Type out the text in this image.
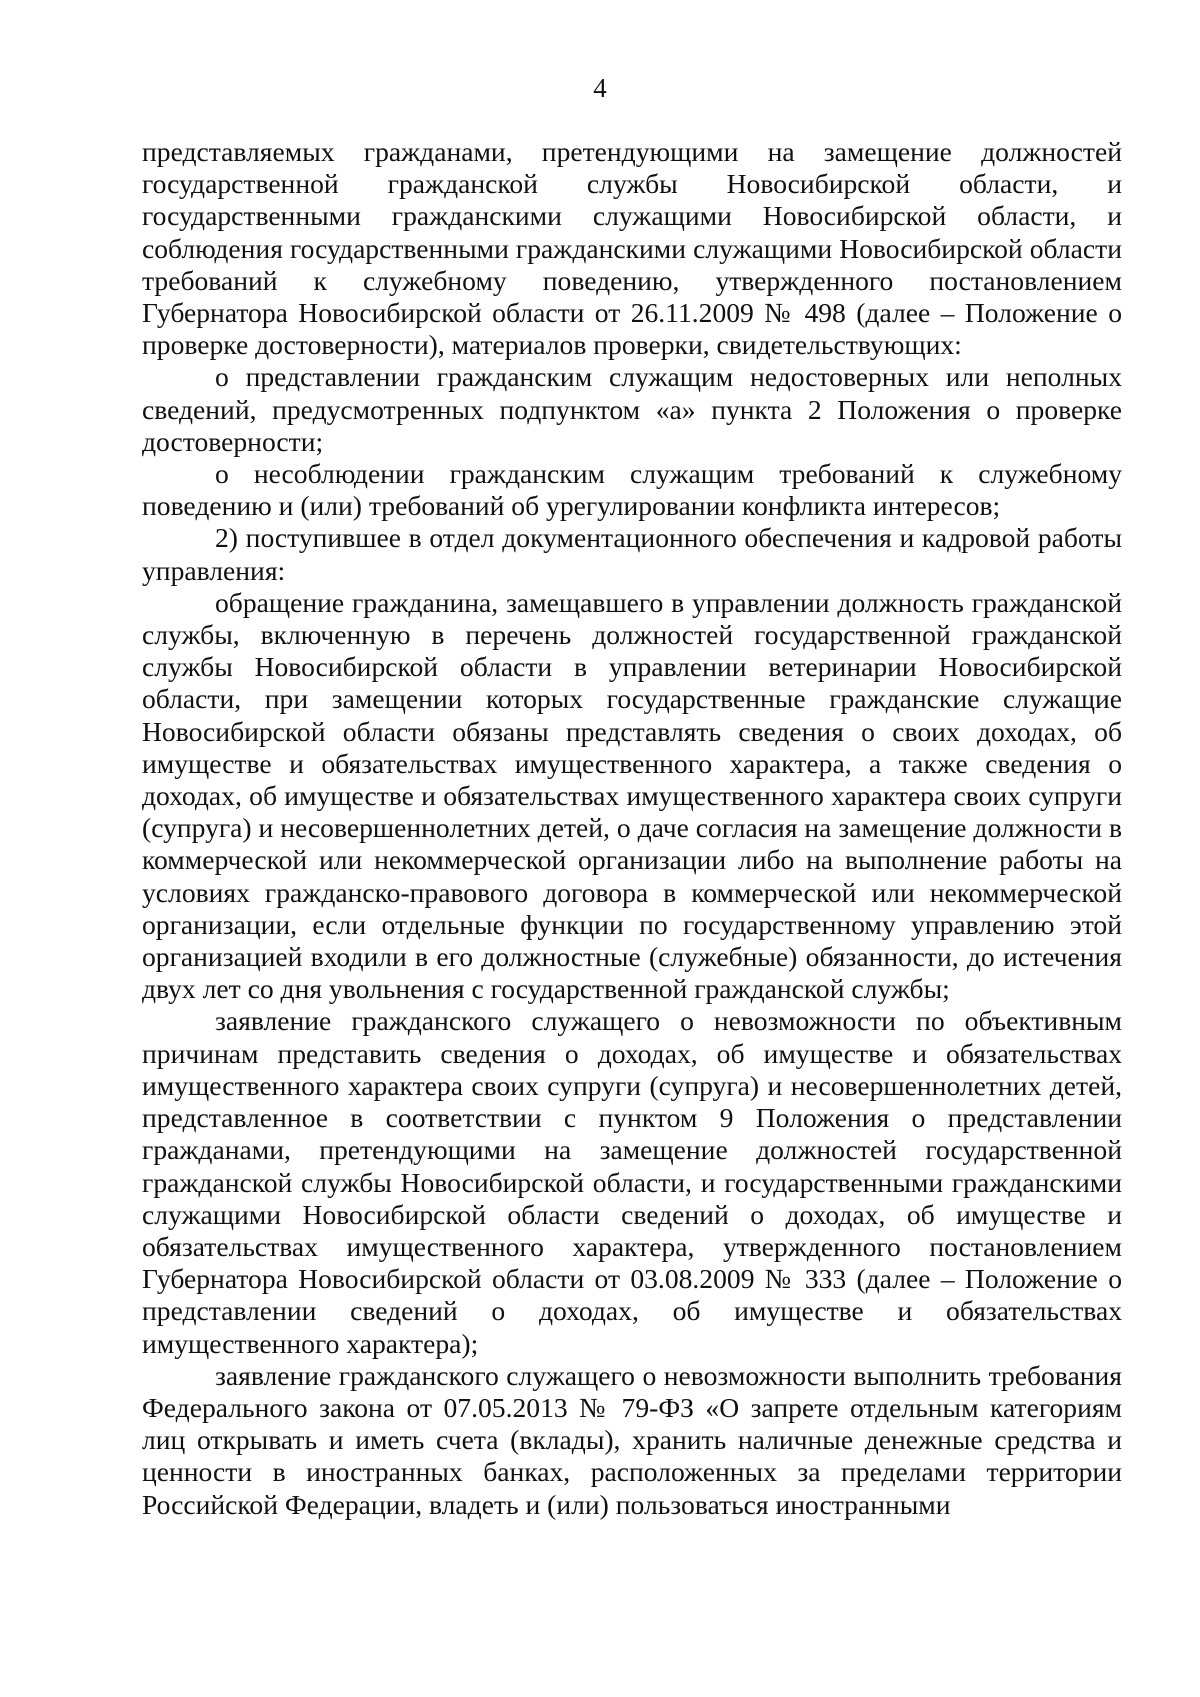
4

представляемых гражданами, претендующими на замещение должностей государственной гражданской службы Новосибирской области, и государственными гражданскими служащими Новосибирской области, и соблюдения государственными гражданскими служащими Новосибирской области требований к служебному поведению, утвержденного постановлением Губернатора Новосибирской области от 26.11.2009 № 498 (далее – Положение о проверке достоверности), материалов проверки, свидетельствующих:

о представлении гражданским служащим недостоверных или неполных сведений, предусмотренных подпунктом «а» пункта 2 Положения о проверке достоверности;

о несоблюдении гражданским служащим требований к служебному поведению и (или) требований об урегулировании конфликта интересов;

2) поступившее в отдел документационного обеспечения и кадровой работы управления:

обращение гражданина, замещавшего в управлении должность гражданской службы, включенную в перечень должностей государственной гражданской службы Новосибирской области в управлении ветеринарии Новосибирской области, при замещении которых государственные гражданские служащие Новосибирской области обязаны представлять сведения о своих доходах, об имуществе и обязательствах имущественного характера, а также сведения о доходах, об имуществе и обязательствах имущественного характера своих супруги (супруга) и несовершеннолетних детей, о даче согласия на замещение должности в коммерческой или некоммерческой организации либо на выполнение работы на условиях гражданско-правового договора в коммерческой или некоммерческой организации, если отдельные функции по государственному управлению этой организацией входили в его должностные (служебные) обязанности, до истечения двух лет со дня увольнения с государственной гражданской службы;

заявление гражданского служащего о невозможности по объективным причинам представить сведения о доходах, об имуществе и обязательствах имущественного характера своих супруги (супруга) и несовершеннолетних детей, представленное в соответствии с пунктом 9 Положения о представлении гражданами, претендующими на замещение должностей государственной гражданской службы Новосибирской области, и государственными гражданскими служащими Новосибирской области сведений о доходах, об имуществе и обязательствах имущественного характера, утвержденного постановлением Губернатора Новосибирской области от 03.08.2009 № 333 (далее – Положение о представлении сведений о доходах, об имуществе и обязательствах имущественного характера);

заявление гражданского служащего о невозможности выполнить требования Федерального закона от 07.05.2013 № 79-ФЗ «О запрете отдельным категориям лиц открывать и иметь счета (вклады), хранить наличные денежные средства и ценности в иностранных банках, расположенных за пределами территории Российской Федерации, владеть и (или) пользоваться иностранными
